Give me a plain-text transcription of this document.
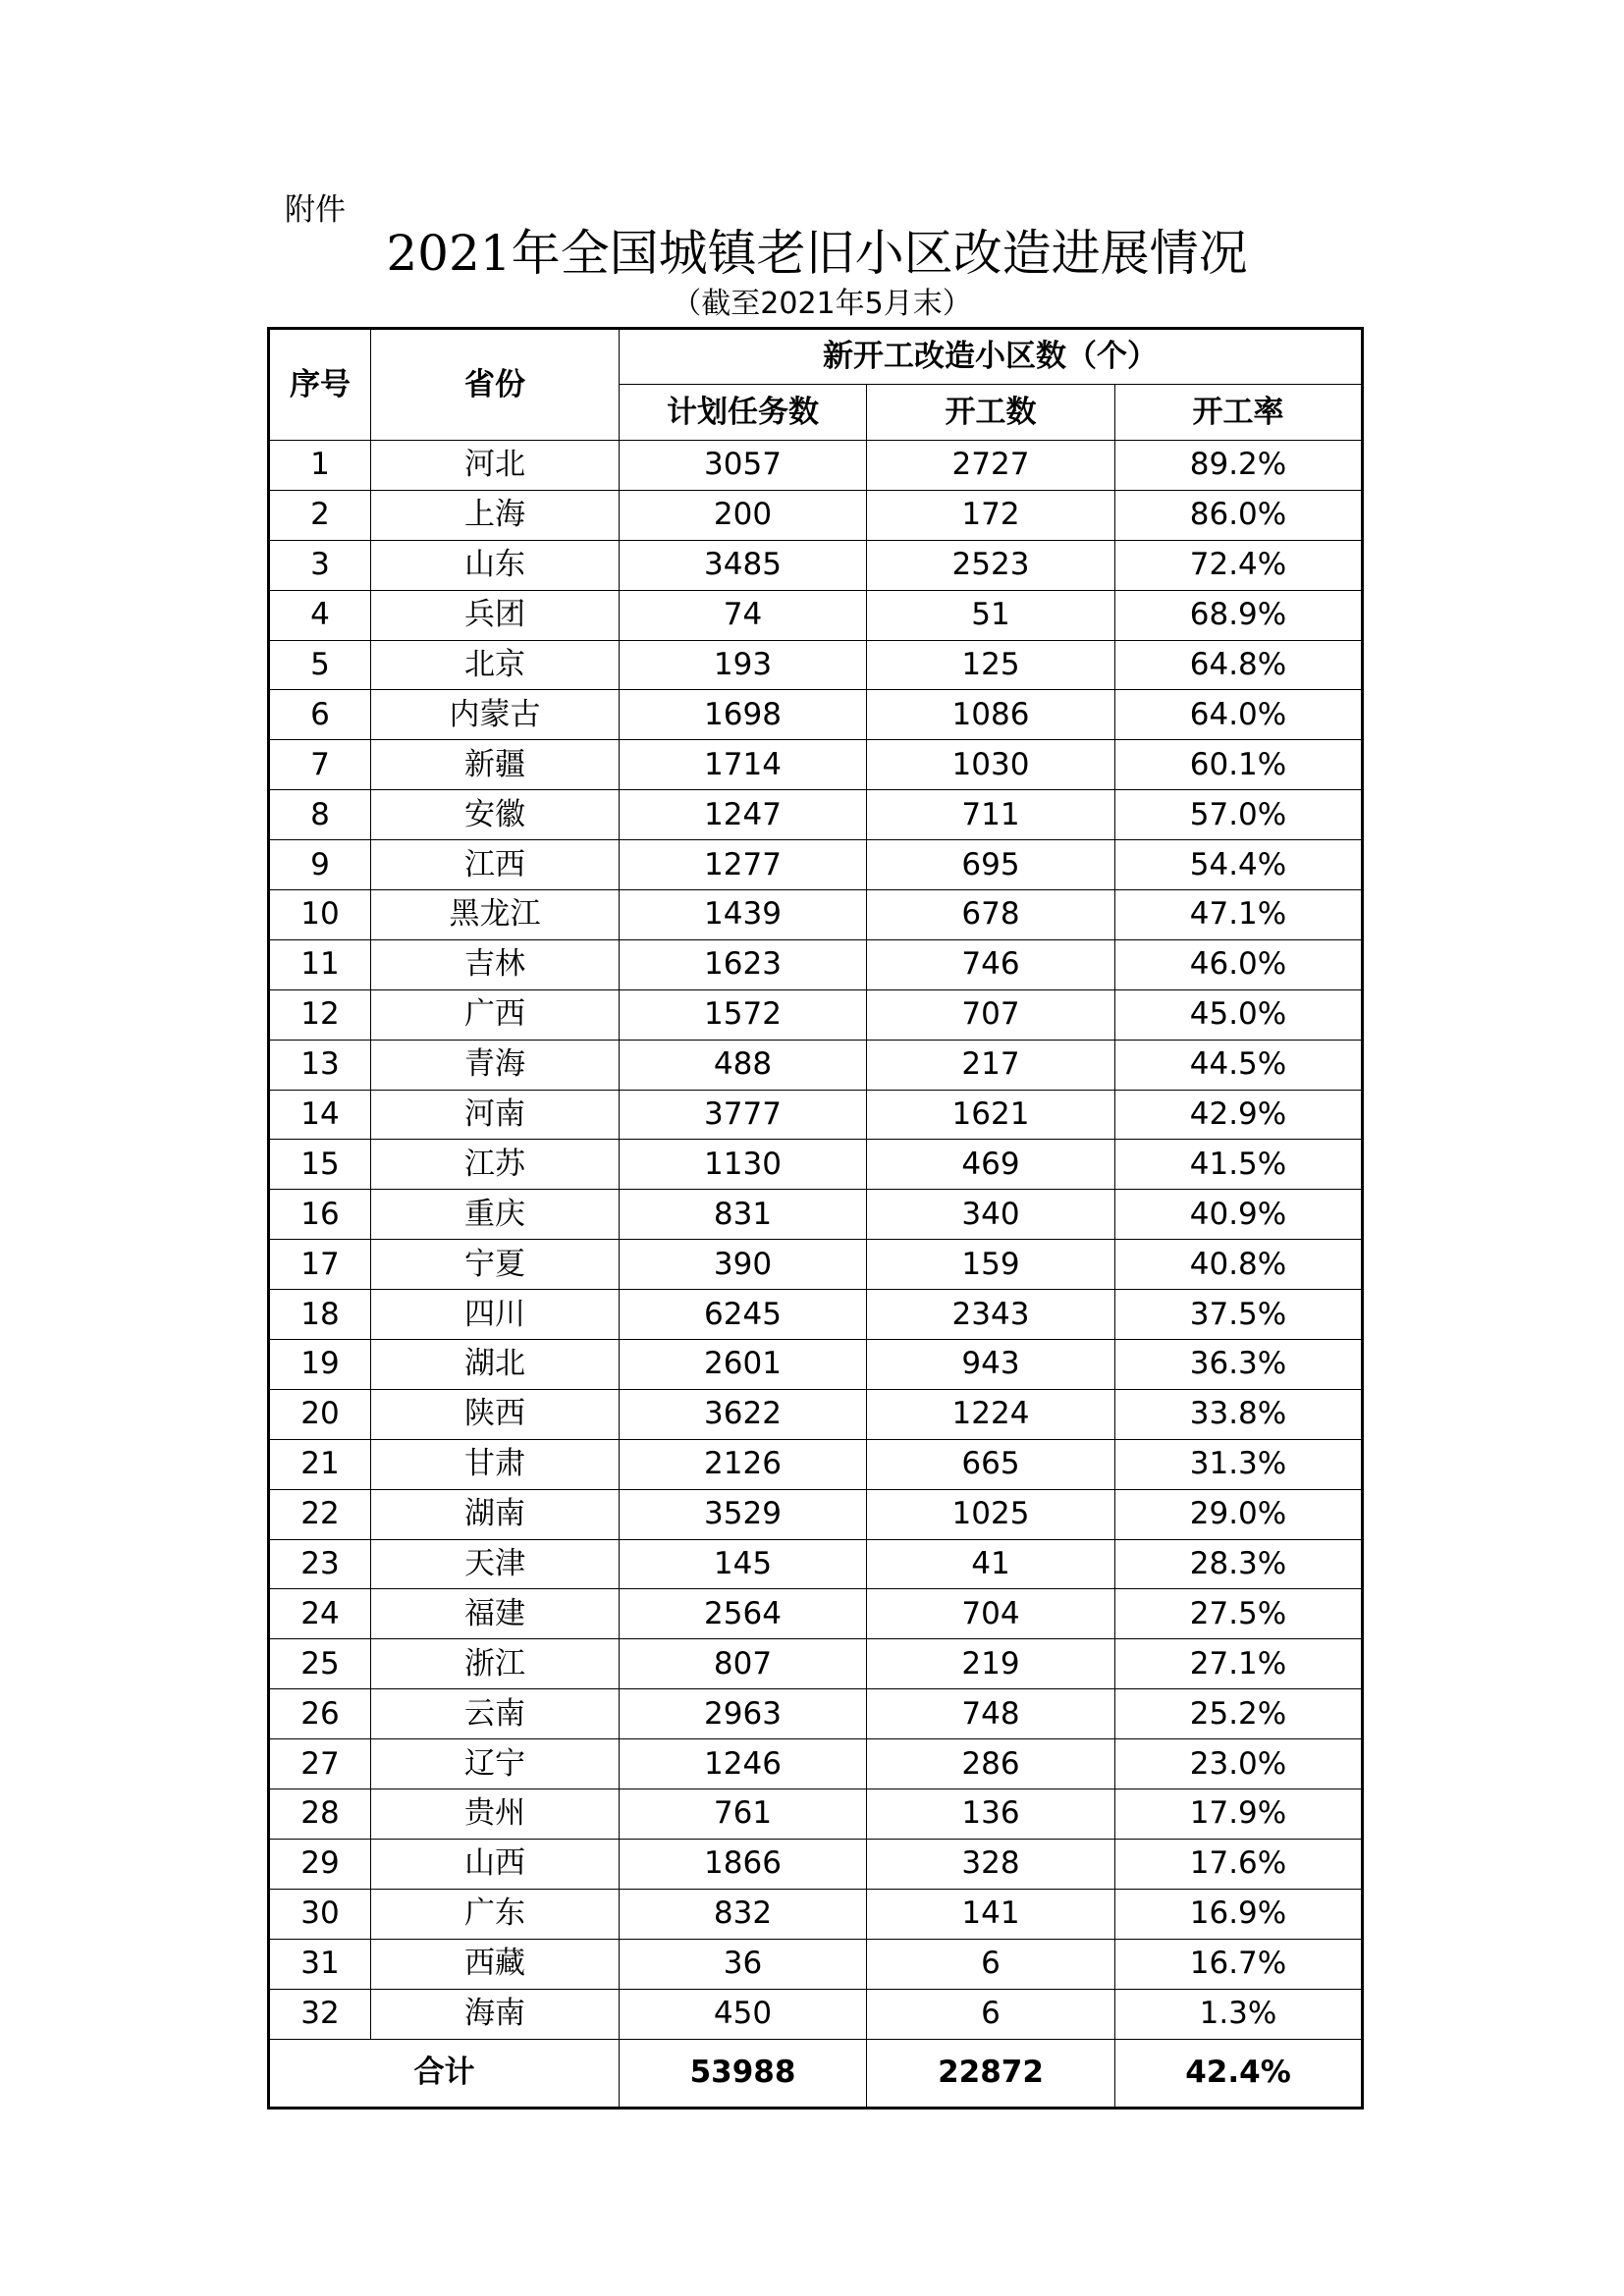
附件
2021年全国城镇老旧小区改造进展情况
（截至2021年5月末）
序号	省份	新开工改造小区数（个）		
		计划任务数	开工数	开工率
1	河北	3057	2727	89.2%
2	上海	200	172	86.0%
3	山东	3485	2523	72.4%
4	兵团	74	51	68.9%
5	北京	193	125	64.8%
6	内蒙古	1698	1086	64.0%
7	新疆	1714	1030	60.1%
8	安徽	1247	711	57.0%
9	江西	1277	695	54.4%
10	黑龙江	1439	678	47.1%
11	吉林	1623	746	46.0%
12	广西	1572	707	45.0%
13	青海	488	217	44.5%
14	河南	3777	1621	42.9%
15	江苏	1130	469	41.5%
16	重庆	831	340	40.9%
17	宁夏	390	159	40.8%
18	四川	6245	2343	37.5%
19	湖北	2601	943	36.3%
20	陕西	3622	1224	33.8%
21	甘肃	2126	665	31.3%
22	湖南	3529	1025	29.0%
23	天津	145	41	28.3%
24	福建	2564	704	27.5%
25	浙江	807	219	27.1%
26	云南	2963	748	25.2%
27	辽宁	1246	286	23.0%
28	贵州	761	136	17.9%
29	山西	1866	328	17.6%
30	广东	832	141	16.9%
31	西藏	36	6	16.7%
32	海南	450	6	1.3%
合计		53988	22872	42.4%
